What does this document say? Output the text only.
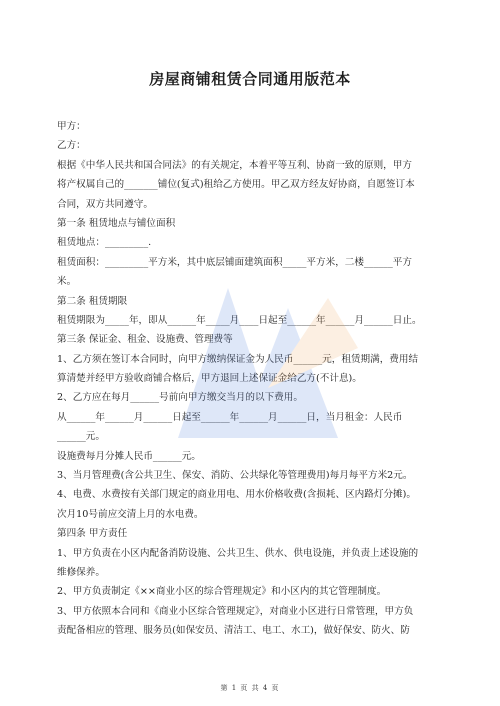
房屋商铺租赁合同通用版范本
甲方：
乙方：
根据《中华人民共和国合同法》的有关规定，本着平等互利、协商一致的原则，甲方
将产权属自己的_______铺位(复式)租给乙方使用。甲乙双方经友好协商，自愿签订本
合同，双方共同遵守。
第一条 租赁地点与铺位面积
租赁地点：_________.
租赁面积：_________平方米，其中底层铺面建筑面积_____平方米，二楼______平方
米。
第二条 租赁期限
租赁期限为_____年，即从______年_____月____日起至______年______月______日止。
第三条 保证金、租金、设施费、管理费等
1、乙方须在签订本合同时，向甲方缴纳保证金为人民币______元，租赁期满，费用结
算清楚并经甲方验收商铺合格后，甲方退回上述保证金给乙方(不计息)。
2、乙方应在每月______号前向甲方缴交当月的以下费用。
从______年______月______日起至______年______月______日，当月租金：人民币
______元。
设施费每月分摊人民币______元。
3、当月管理费(含公共卫生、保安、消防、公共绿化等管理费用)每月每平方米2元。
4、电费、水费按有关部门规定的商业用电、用水价格收费(含损耗、区内路灯分摊)。
次月10号前应交清上月的水电费。
第四条 甲方责任
1、甲方负责在小区内配备消防设施、公共卫生、供水、供电设施，并负责上述设施的
维修保养。
2、甲方负责制定《××商业小区的综合管理规定》和小区内的其它管理制度。
3、甲方依照本合同和《商业小区综合管理规定》，对商业小区进行日常管理，甲方负
责配备相应的管理、服务员(如保安员、清洁工、电工、水工)，做好保安、防火、防
第 1 页 共 4 页
